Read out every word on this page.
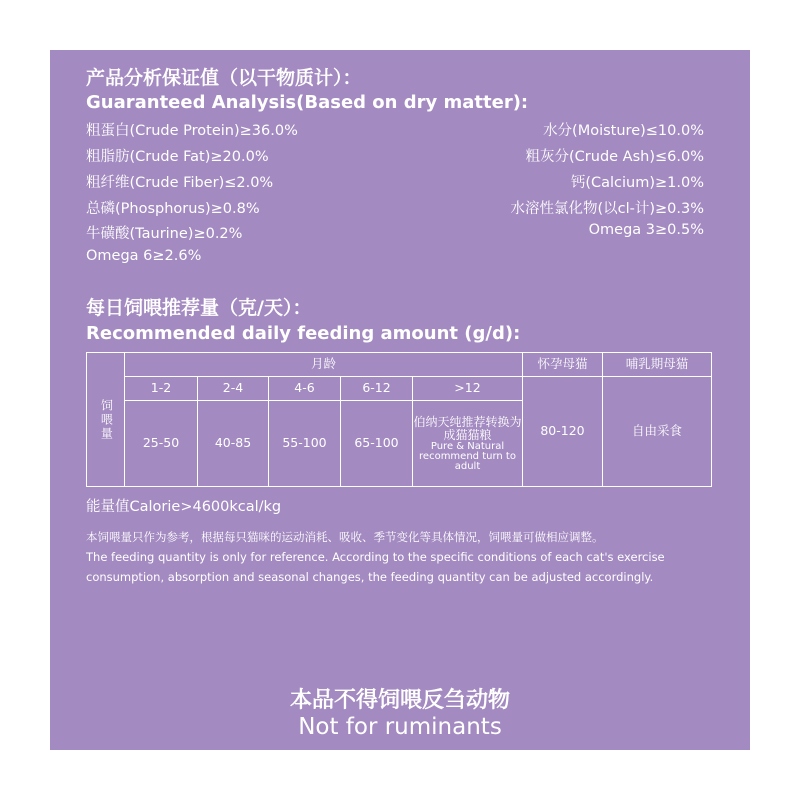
产品分析保证值（以干物质计）：
Guaranteed Analysis(Based on dry matter):
粗蛋白(Crude Protein)≥36.0%	水分(Moisture)≤10.0%
粗脂肪(Crude Fat)≥20.0%	粗灰分(Crude Ash)≤6.0%
粗纤维(Crude Fiber)≤2.0%	钙(Calcium)≥1.0%
总磷(Phosphorus)≥0.8%	水溶性氯化物(以cl-计)≥0.3%
牛磺酸(Taurine)≥0.2%	Omega 3≥0.5%
Omega 6≥2.6%
每日饲喂推荐量（克/天）：
Recommended daily feeding amount (g/d):
饲喂量	月龄					怀孕母猫	哺乳期母猫
	1-2	2-4	4-6	6-12	>12	80-120	自由采食
	25-50	40-85	55-100	65-100	伯纳天纯推荐转换为成猫猫粮
Pure & Natural recommend turn to adult		
能量值Calorie>4600kcal/kg
本饲喂量只作为参考，根据每只猫咪的运动消耗、吸收、季节变化等具体情况，饲喂量可做相应调整。
The feeding quantity is only for reference. According to the specific conditions of each cat's exercise
consumption, absorption and seasonal changes, the feeding quantity can be adjusted accordingly.
本品不得饲喂反刍动物
Not for ruminants
